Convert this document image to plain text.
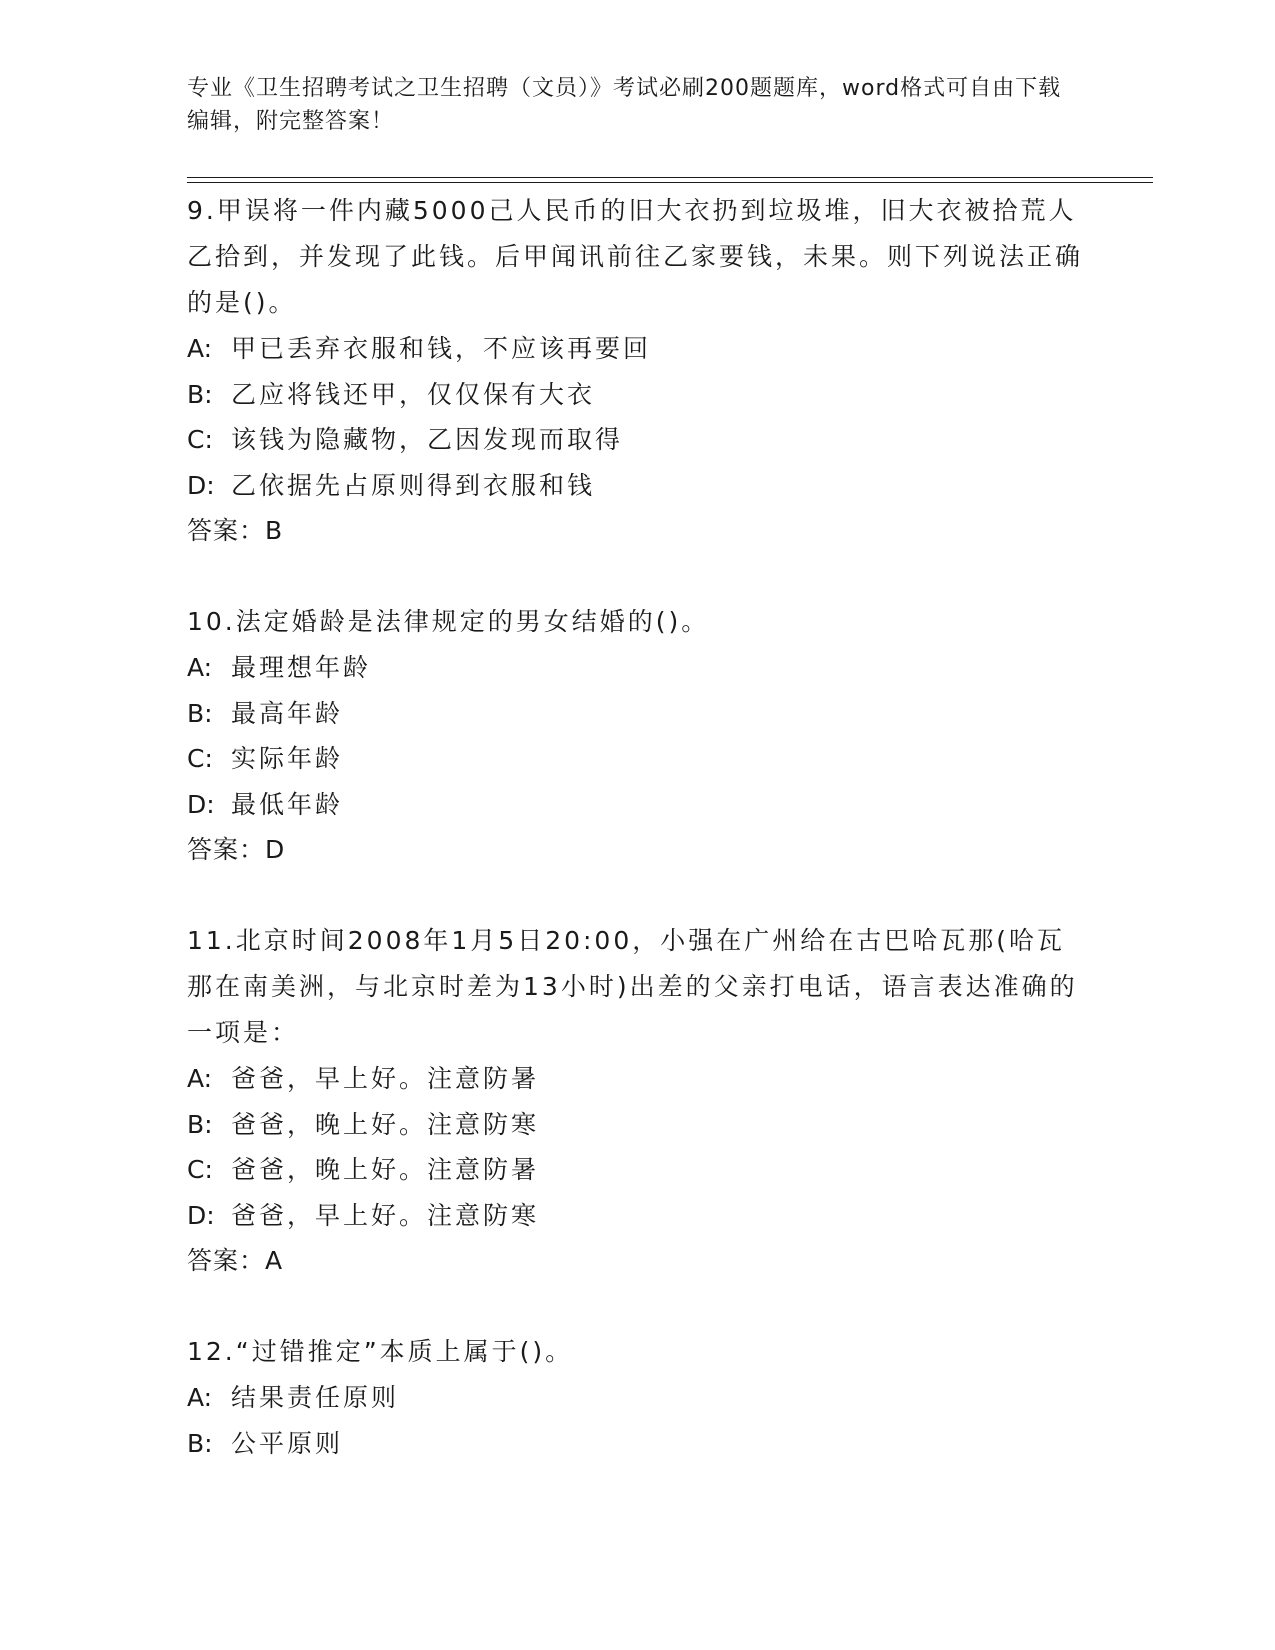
专业《卫生招聘考试之卫生招聘（文员）》考试必刷200题题库，word格式可自由下载编辑，附完整答案！
9.甲误将一件内藏5000己人民币的旧大衣扔到垃圾堆，旧大衣被拾荒人乙拾到，并发现了此钱。后甲闻讯前往乙家要钱，未果。则下列说法正确的是()。
A: 甲已丢弃衣服和钱，不应该再要回
B: 乙应将钱还甲，仅仅保有大衣
C: 该钱为隐藏物，乙因发现而取得
D: 乙依据先占原则得到衣服和钱
答案：B
10.法定婚龄是法律规定的男女结婚的()。
A: 最理想年龄
B: 最高年龄
C: 实际年龄
D: 最低年龄
答案：D
11.北京时间2008年1月5日20:00，小强在广州给在古巴哈瓦那(哈瓦那在南美洲，与北京时差为13小时)出差的父亲打电话，语言表达准确的一项是：
A: 爸爸，早上好。注意防暑
B: 爸爸，晚上好。注意防寒
C: 爸爸，晚上好。注意防暑
D: 爸爸，早上好。注意防寒
答案：A
12.“过错推定”本质上属于()。
A: 结果责任原则
B: 公平原则
